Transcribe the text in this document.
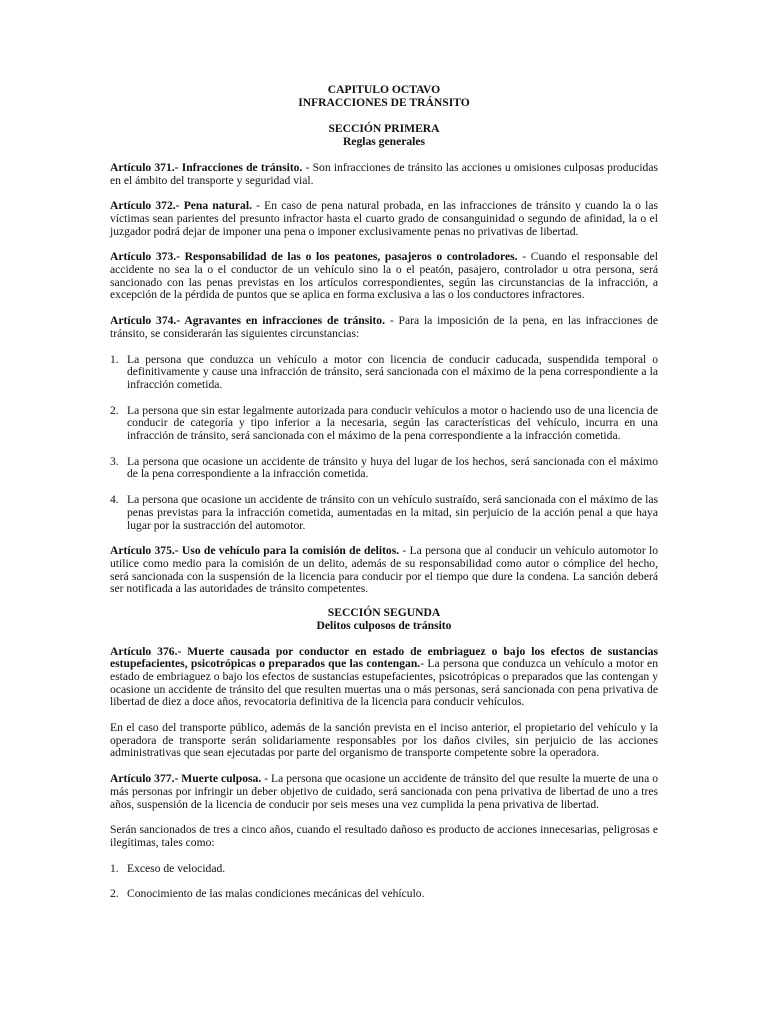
CAPITULO OCTAVO
INFRACCIONES DE TRÁNSITO
SECCIÓN PRIMERA
Reglas generales

Artículo 371.- Infracciones de tránsito. - Son infracciones de tránsito las acciones u omisiones culposas producidas en el ámbito del transporte y seguridad vial.

Artículo 372.- Pena natural. - En caso de pena natural probada, en las infracciones de tránsito y cuando la o las víctimas sean parientes del presunto infractor hasta el cuarto grado de consanguinidad o segundo de afinidad, la o el juzgador podrá dejar de imponer una pena o imponer exclusivamente penas no privativas de libertad.

Artículo 373.- Responsabilidad de las o los peatones, pasajeros o controladores. - Cuando el responsable del accidente no sea la o el conductor de un vehículo sino la o el peatón, pasajero, controlador u otra persona, será sancionado con las penas previstas en los artículos correspondientes, según las circunstancias de la infracción, a excepción de la pérdida de puntos que se aplica en forma exclusiva a las o los conductores infractores.

Artículo 374.- Agravantes en infracciones de tránsito. - Para la imposición de la pena, en las infracciones de tránsito, se considerarán las siguientes circunstancias:

1. La persona que conduzca un vehículo a motor con licencia de conducir caducada, suspendida temporal o definitivamente y cause una infracción de tránsito, será sancionada con el máximo de la pena correspondiente a la infracción cometida.
2. La persona que sin estar legalmente autorizada para conducir vehículos a motor o haciendo uso de una licencia de conducir de categoría y tipo inferior a la necesaria, según las características del vehículo, incurra en una infracción de tránsito, será sancionada con el máximo de la pena correspondiente a la infracción cometida.
3. La persona que ocasione un accidente de tránsito y huya del lugar de los hechos, será sancionada con el máximo de la pena correspondiente a la infracción cometida.
4. La persona que ocasione un accidente de tránsito con un vehículo sustraído, será sancionada con el máximo de las penas previstas para la infracción cometida, aumentadas en la mitad, sin perjuicio de la acción penal a que haya lugar por la sustracción del automotor.

Artículo 375.- Uso de vehículo para la comisión de delitos. - La persona que al conducir un vehículo automotor lo utilice como medio para la comisión de un delito, además de su responsabilidad como autor o cómplice del hecho, será sancionada con la suspensión de la licencia para conducir por el tiempo que dure la condena. La sanción deberá ser notificada a las autoridades de tránsito competentes.

SECCIÓN SEGUNDA
Delitos culposos de tránsito

Artículo 376.- Muerte causada por conductor en estado de embriaguez o bajo los efectos de sustancias estupefacientes, psicotrópicas o preparados que las contengan.- La persona que conduzca un vehículo a motor en estado de embriaguez o bajo los efectos de sustancias estupefacientes, psicotrópicas o preparados que las contengan y ocasione un accidente de tránsito del que resulten muertas una o más personas, será sancionada con pena privativa de libertad de diez a doce años, revocatoria definitiva de la licencia para conducir vehículos.

En el caso del transporte público, además de la sanción prevista en el inciso anterior, el propietario del vehículo y la operadora de transporte serán solidariamente responsables por los daños civiles, sin perjuicio de las acciones administrativas que sean ejecutadas por parte del organismo de transporte competente sobre la operadora.

Artículo 377.- Muerte culposa. - La persona que ocasione un accidente de tránsito del que resulte la muerte de una o más personas por infringir un deber objetivo de cuidado, será sancionada con pena privativa de libertad de uno a tres años, suspensión de la licencia de conducir por seis meses una vez cumplida la pena privativa de libertad.

Serán sancionados de tres a cinco años, cuando el resultado dañoso es producto de acciones innecesarias, peligrosas e ilegítimas, tales como:

1. Exceso de velocidad.
2. Conocimiento de las malas condiciones mecánicas del vehículo.
